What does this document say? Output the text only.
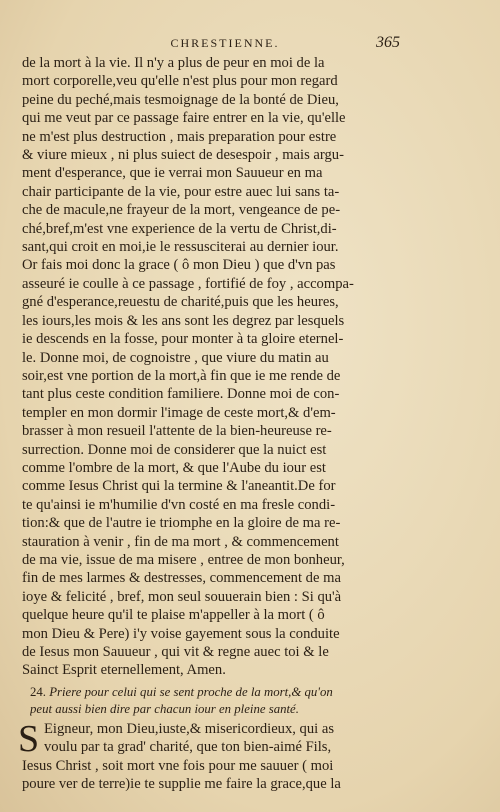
CHRESTIENNE.	365
de la mort à la vie. Il n'y a plus de peur en moi de la
mort corporelle,veu qu'elle n'est plus pour mon regard
peine du peché,mais tesmoignage de la bonté de Dieu,
qui me veut par ce passage faire entrer en la vie, qu'elle
ne m'est plus destruction , mais preparation pour estre
& viure mieux , ni plus suiect de desespoir , mais argu-
ment d'esperance, que ie verrai mon Sauueur en ma
chair participante de la vie, pour estre auec lui sans ta-
che de macule,ne frayeur de la mort, vengeance de pe-
ché,bref,m'est vne experience de la vertu de Christ,di-
sant,qui croit en moi,ie le ressusciterai au dernier iour.
Or fais moi donc la grace ( ô mon Dieu ) que d'vn pas
asseuré ie coulle à ce passage , fortifié de foy , accompa-
gné d'esperance,reuestu de charité,puis que les heures,
les iours,les mois & les ans sont les degrez par lesquels
ie descends en la fosse, pour monter à ta gloire eternel-
le. Donne moi, de cognoistre , que viure du matin au
soir,est vne portion de la mort,à fin que ie me rende de
tant plus ceste condition familiere. Donne moi de con-
templer en mon dormir l'image de ceste mort,& d'em-
brasser à mon resueil l'attente de la bien-heureuse re-
surrection. Donne moi de considerer que la nuict est
comme l'ombre de la mort, & que l'Aube du iour est
comme Iesus Christ qui la termine & l'aneantit.De for
te qu'ainsi ie m'humilie d'vn costé en ma fresle condi-
tion:& que de l'autre ie triomphe en la gloire de ma re-
stauration à venir , fin de ma mort , & commencement
de ma vie, issue de ma misere , entree de mon bonheur,
fin de mes larmes & destresses, commencement de ma
ioye & felicité , bref, mon seul souuerain bien : Si qu'à
quelque heure qu'il te plaise m'appeller à la mort ( ô
mon Dieu & Pere) i'y voise gayement sous la conduite
de Iesus mon Sauueur , qui vit & regne auec toi & le
Sainct Esprit eternellement, Amen.
24. Priere pour celui qui se sent proche de la mort,& qu'on
peut aussi bien dire par chacun iour en pleine santé.
S Eigneur, mon Dieu,iuste,& misericordieux, qui as
voulu par ta grad' charité, que ton bien-aimé Fils,
Iesus Christ , soit mort vne fois pour me sauuer ( moi
poure ver de terre)ie te supplie me faire la grace,que la
